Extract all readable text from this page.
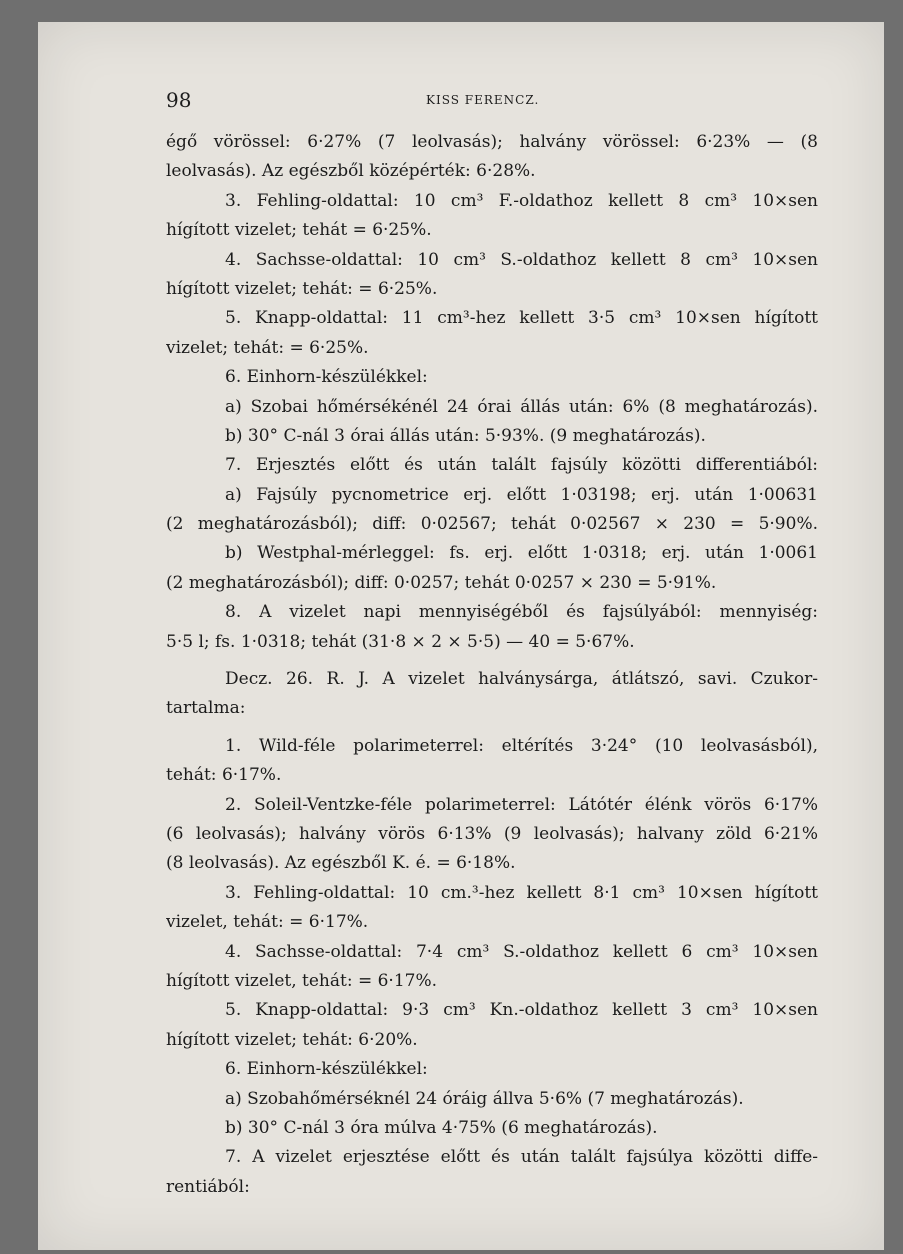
98	KISS FERENCZ.
égő vörössel: 6·27% (7 leolvasás); halvány vörössel: 6·23% — (8
leolvasás). Az egészből középérték: 6·28%.
3. Fehling-oldattal: 10 cm³ F.-oldathoz kellett 8 cm³ 10×sen
hígított vizelet; tehát = 6·25%.
4. Sachsse-oldattal: 10 cm³ S.-oldathoz kellett 8 cm³ 10×sen
hígított vizelet; tehát: = 6·25%.
5. Knapp-oldattal: 11 cm³-hez kellett 3·5 cm³ 10×sen hígított
vizelet; tehát: = 6·25%.
6. Einhorn-készülékkel:
a) Szobai hőmérsékénél 24 órai állás után: 6% (8 meghatározás).
b) 30° C-nál 3 órai állás után: 5·93%. (9 meghatározás).
7. Erjesztés előtt és után talált fajsúly közötti differentiából:
a) Fajsúly pycnometrice erj. előtt 1·03198; erj. után 1·00631
(2 meghatározásból); diff: 0·02567; tehát 0·02567 × 230 = 5·90%.
b) Westphal-mérleggel: fs. erj. előtt 1·0318; erj. után 1·0061
(2 meghatározásból); diff: 0·0257; tehát 0·0257 × 230 = 5·91%.
8. A vizelet napi mennyiségéből és fajsúlyából: mennyiség:
5·5 l; fs. 1·0318; tehát (31·8 × 2 × 5·5) — 40 = 5·67%.
Decz. 26. R. J. A vizelet halványsárga, átlátszó, savi. Czukor-
tartalma:
1. Wild-féle polarimeterrel: eltérítés 3·24° (10 leolvasásból),
tehát: 6·17%.
2. Soleil-Ventzke-féle polarimeterrel: Látótér élénk vörös 6·17%
(6 leolvasás); halvány vörös 6·13% (9 leolvasás); halvany zöld 6·21%
(8 leolvasás). Az egészből K. é. = 6·18%.
3. Fehling-oldattal: 10 cm.³-hez kellett 8·1 cm³ 10×sen hígított
vizelet, tehát: = 6·17%.
4. Sachsse-oldattal: 7·4 cm³ S.-oldathoz kellett 6 cm³ 10×sen
hígított vizelet, tehát: = 6·17%.
5. Knapp-oldattal: 9·3 cm³ Kn.-oldathoz kellett 3 cm³ 10×sen
hígított vizelet; tehát: 6·20%.
6. Einhorn-készülékkel:
a) Szobahőmérséknél 24 óráig állva 5·6% (7 meghatározás).
b) 30° C-nál 3 óra múlva 4·75% (6 meghatározás).
7. A vizelet erjesztése előtt és után talált fajsúlya közötti diffe-
rentiából:
